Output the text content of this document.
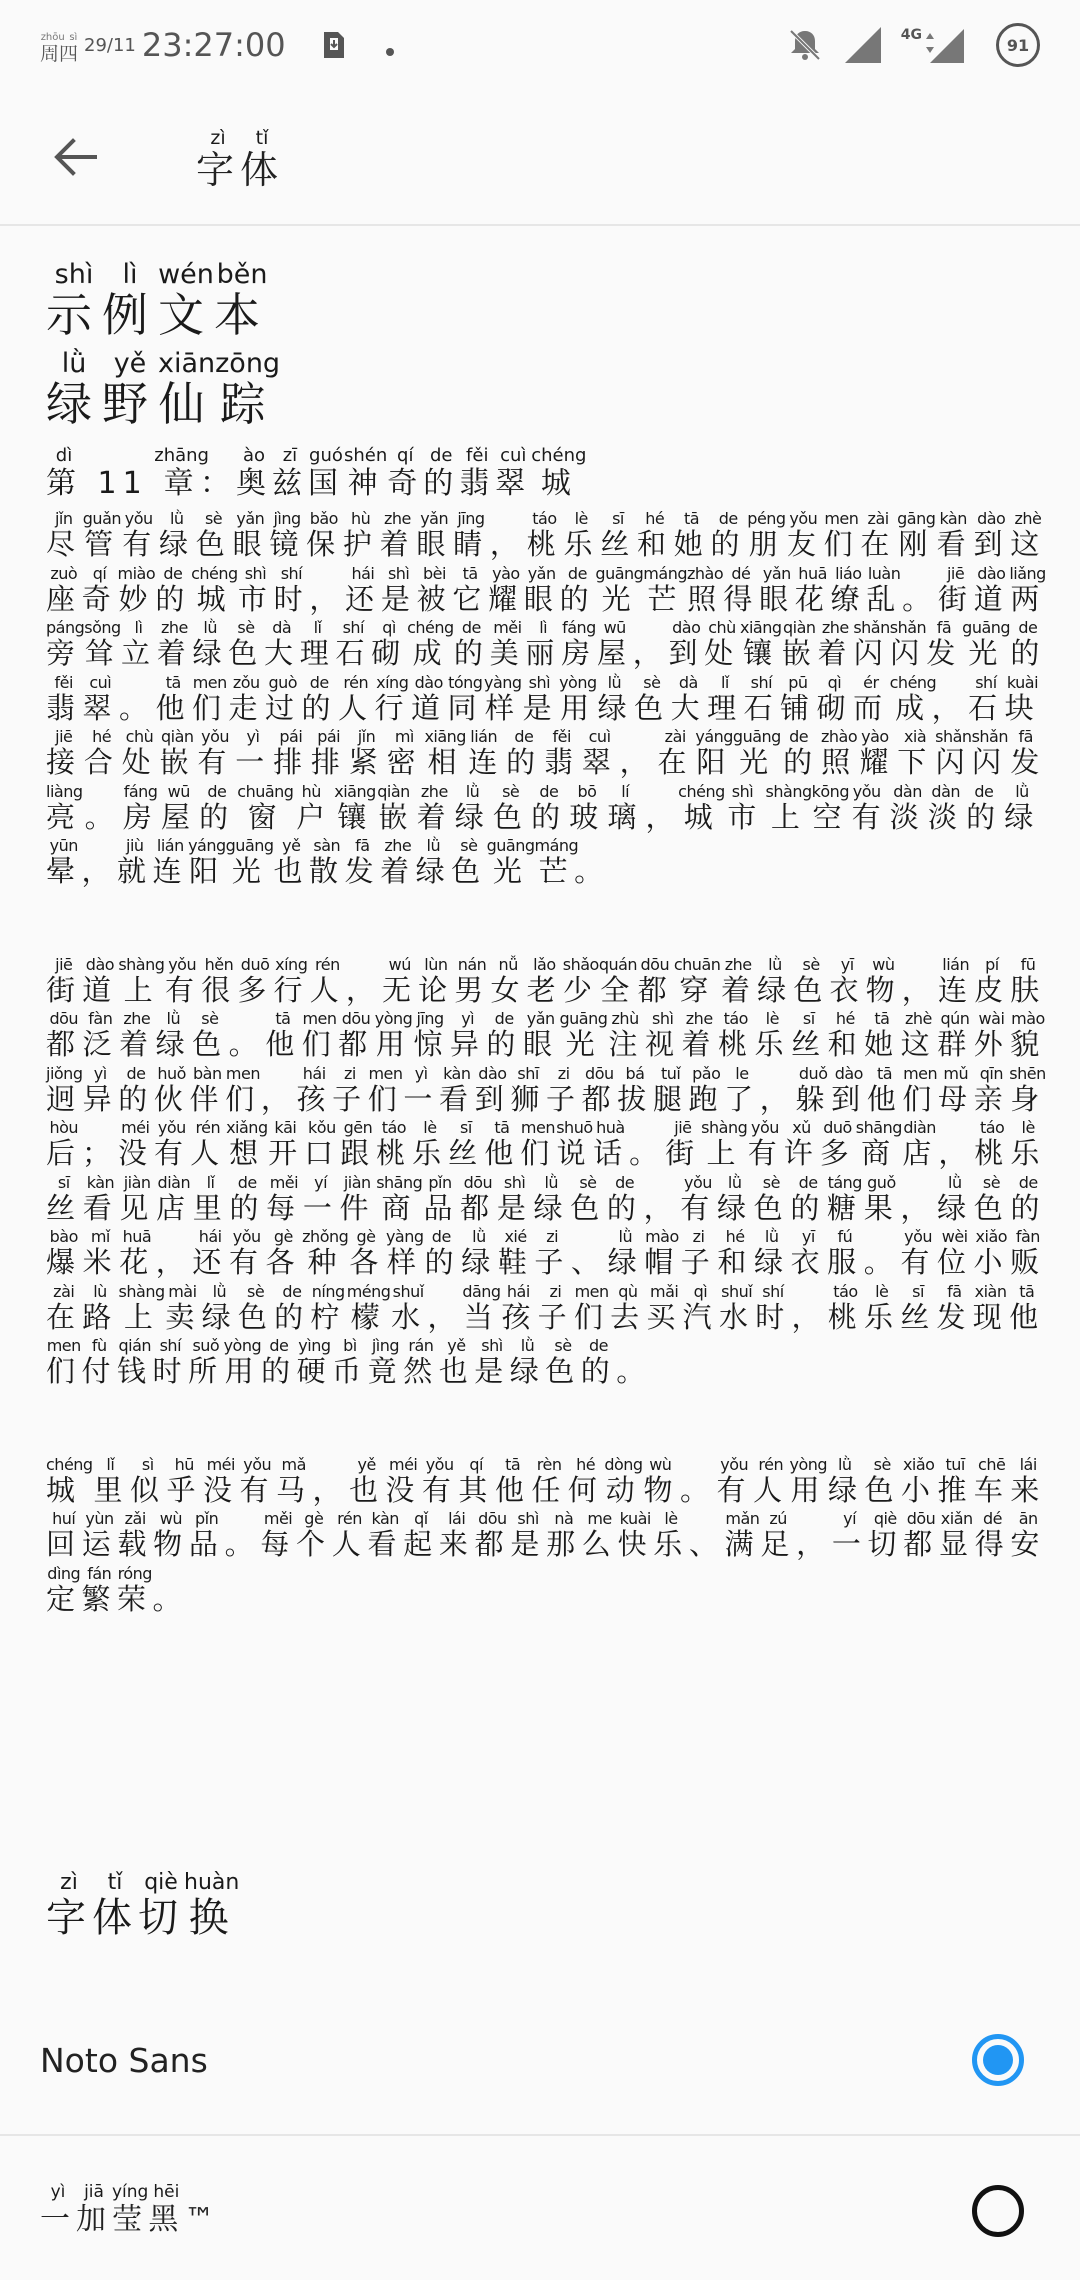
周四zhōu sì 29/11 23:27:00	4G
91
字zì体tǐ
示shì例lì文wén本běn
绿lǜ野yě仙xiān踪zōng
第dì 11 章zhāng：奥ào兹zī国guó神shén奇qí的de翡fěi翠cuì城chéng
尽jǐn管guǎn有yǒu绿lǜ色sè眼yǎn镜jìng保bǎo护hù着zhe眼yǎn睛jīng，桃táo乐lè丝sī和hé她tā的de朋péng友yǒu们men在zài刚gāng看kàn到dào这zhè座zuò奇qí妙miào的de城chéng市shì时shí，还hái是shì被bèi它tā耀yào眼yǎn的de光guāng芒máng照zhào得dé眼yǎn花huā缭liáo乱luàn。街jiē道dào两liǎng旁páng耸sǒng立lì着zhe绿lǜ色sè大dà理lǐ石shí砌qì成chéng的de美měi丽lì房fáng屋wū，到dào处chù镶xiāng嵌qiàn着zhe闪shǎn闪shǎn发fā光guāng的de翡fěi翠cuì。他tā们men走zǒu过guò的de人rén行xíng道dào同tóng样yàng是shì用yòng绿lǜ色sè大dà理lǐ石shí铺pū砌qì而ér成chéng，石shí块kuài接jiē合hé处chù嵌qiàn有yǒu一yì排pái排pái紧jǐn密mì相xiāng连lián的de翡fěi翠cuì，在zài阳yáng光guāng的de照zhào耀yào下xià闪shǎn闪shǎn发fā亮liàng。房fáng屋wū的de窗chuāng户hù镶xiāng嵌qiàn着zhe绿lǜ色sè的de玻bō璃lí，城chéng市shì上shàng空kōng有yǒu淡dàn淡dàn的de绿lǜ晕yūn，就jiù连lián阳yáng光guāng也yě散sàn发fā着zhe绿lǜ色sè光guāng芒máng。
街jiē道dào上shàng有yǒu很hěn多duō行xíng人rén，无wú论lùn男nán女nǚ老lǎo少shǎo全quán都dōu穿chuān着zhe绿lǜ色sè衣yī物wù，连lián皮pí肤fū都dōu泛fàn着zhe绿lǜ色sè。他tā们men都dōu用yòng惊jīng异yì的de眼yǎn光guāng注zhù视shì着zhe桃táo乐lè丝sī和hé她tā这zhè群qún外wài貌mào迥jiǒng异yì的de伙huǒ伴bàn们men，孩hái子zi们men一yì看kàn到dào狮shī子zi都dōu拔bá腿tuǐ跑pǎo了le，躲duǒ到dào他tā们men母mǔ亲qīn身shēn后hòu；没méi有yǒu人rén想xiǎng开kāi口kǒu跟gēn桃táo乐lè丝sī他tā们men说shuō话huà。街jiē上shàng有yǒu许xǔ多duō商shāng店diàn，桃táo乐lè丝sī看kàn见jiàn店diàn里lǐ的de每měi一yí件jiàn商shāng品pǐn都dōu是shì绿lǜ色sè的de，有yǒu绿lǜ色sè的de糖táng果guǒ，绿lǜ色sè的de爆bào米mǐ花huā，还hái有yǒu各gè种zhǒng各gè样yàng的de绿lǜ鞋xié子zi、绿lǜ帽mào子zi和hé绿lǜ衣yī服fú。有yǒu位wèi小xiǎo贩fàn在zài路lù上shàng卖mài绿lǜ色sè的de柠níng檬méng水shuǐ，当dāng孩hái子zi们men去qù买mǎi汽qì水shuǐ时shí，桃táo乐lè丝sī发fā现xiàn他tā们men付fù钱qián时shí所suǒ用yòng的de硬yìng币bì竟jìng然rán也yě是shì绿lǜ色sè的de。
城chéng里lǐ似sì乎hū没méi有yǒu马mǎ，也yě没méi有yǒu其qí他tā任rèn何hé动dòng物wù。有yǒu人rén用yòng绿lǜ色sè小xiǎo推tuī车chē来lái回huí运yùn载zǎi物wù品pǐn。每měi个gè人rén看kàn起qǐ来lái都dōu是shì那nà么me快kuài乐lè、满mǎn足zú，一yí切qiè都dōu显xiǎn得dé安ān定dìng繁fán荣róng。
字zì体tǐ切qiè换huàn
Noto Sans
一yì加jiā莹yíng黑hēi™
